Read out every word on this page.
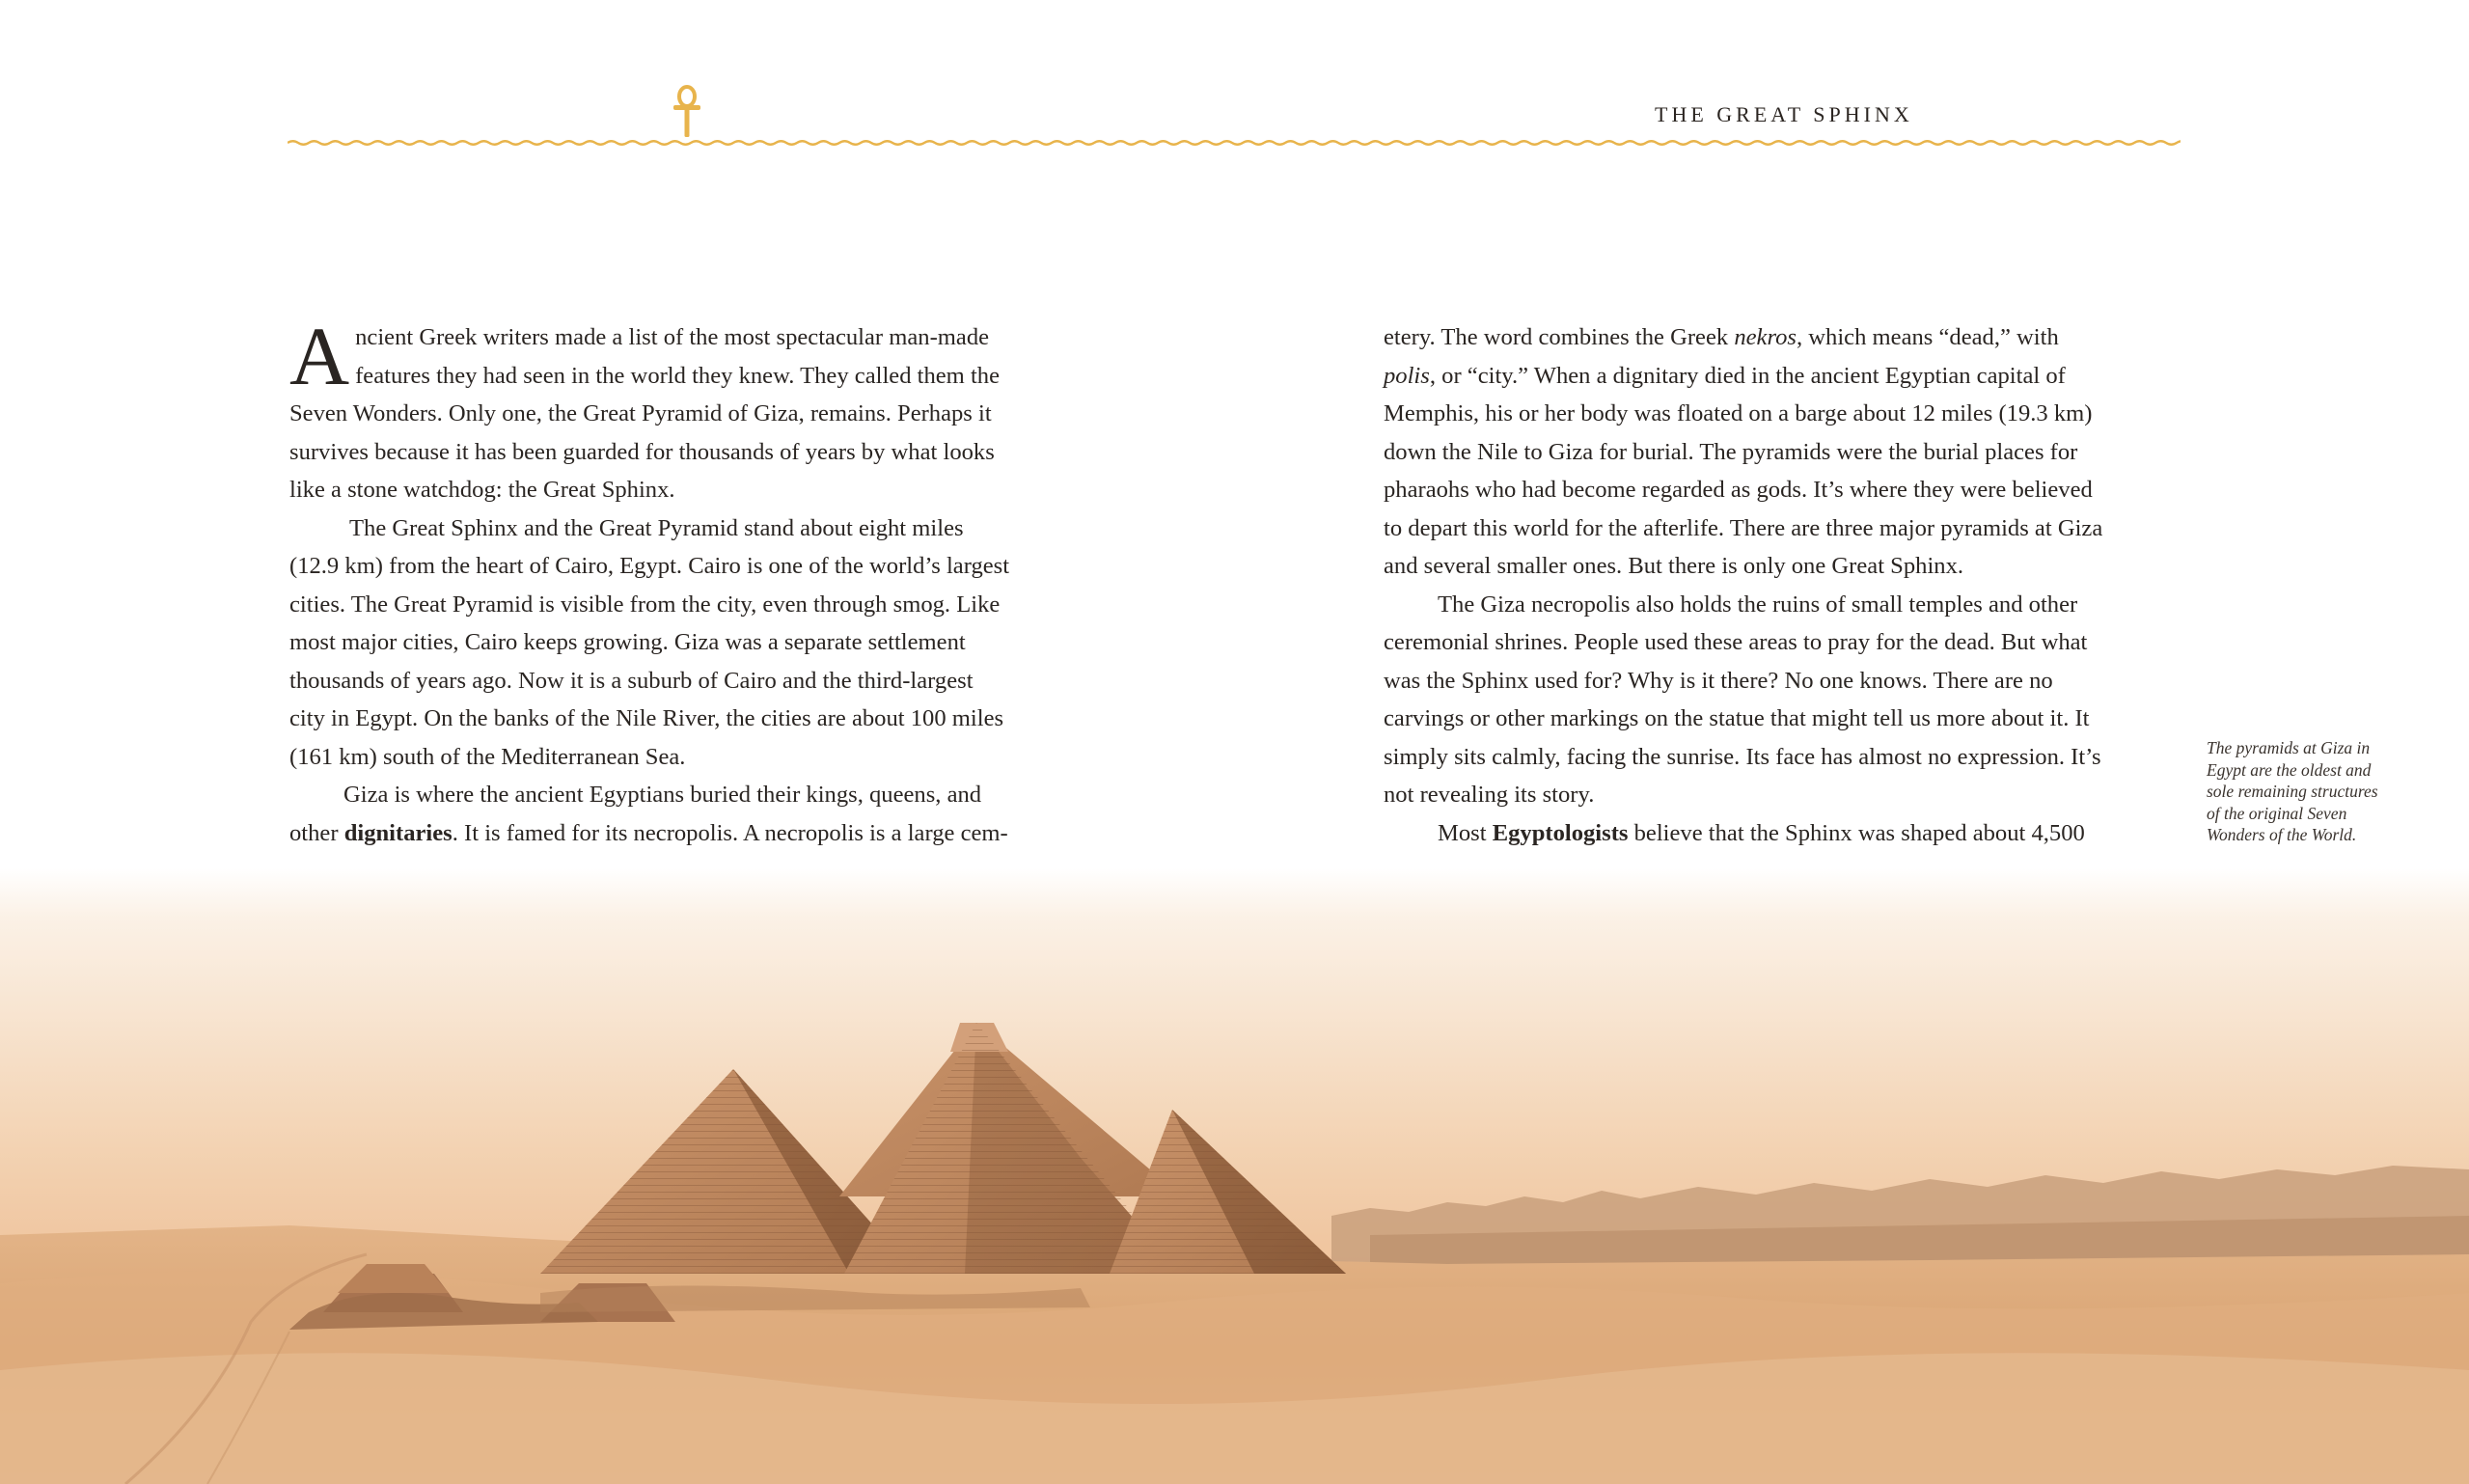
THE GREAT SPHINX
A ncient Greek writers made a list of the most spectacular man-made
features they had seen in the world they knew. They called them the
Seven Wonders. Only one, the Great Pyramid of Giza, remains. Perhaps it
survives because it has been guarded for thousands of years by what looks
like a stone watchdog: the Great Sphinx.
The Great Sphinx and the Great Pyramid stand about eight miles
(12.9 km) from the heart of Cairo, Egypt. Cairo is one of the world’s largest
cities. The Great Pyramid is visible from the city, even through smog. Like
most major cities, Cairo keeps growing. Giza was a separate settlement
thousands of years ago. Now it is a suburb of Cairo and the third-largest
city in Egypt. On the banks of the Nile River, the cities are about 100 miles
(161 km) south of the Mediterranean Sea.
Giza is where the ancient Egyptians buried their kings, queens, and
other dignitaries. It is famed for its necropolis. A necropolis is a large cem-
etery. The word combines the Greek nekros, which means “dead,” with
polis, or “city.” When a dignitary died in the ancient Egyptian capital of
Memphis, his or her body was floated on a barge about 12 miles (19.3 km)
down the Nile to Giza for burial. The pyramids were the burial places for
pharaohs who had become regarded as gods. It’s where they were believed
to depart this world for the afterlife. There are three major pyramids at Giza
and several smaller ones. But there is only one Great Sphinx.
The Giza necropolis also holds the ruins of small temples and other
ceremonial shrines. People used these areas to pray for the dead. But what
was the Sphinx used for? Why is it there? No one knows. There are no
carvings or other markings on the statue that might tell us more about it. It
simply sits calmly, facing the sunrise. Its face has almost no expression. It’s
not revealing its story.
Most Egyptologists believe that the Sphinx was shaped about 4,500
The pyramids at Giza in
Egypt are the oldest and
sole remaining structures
of the original Seven
Wonders of the World.
